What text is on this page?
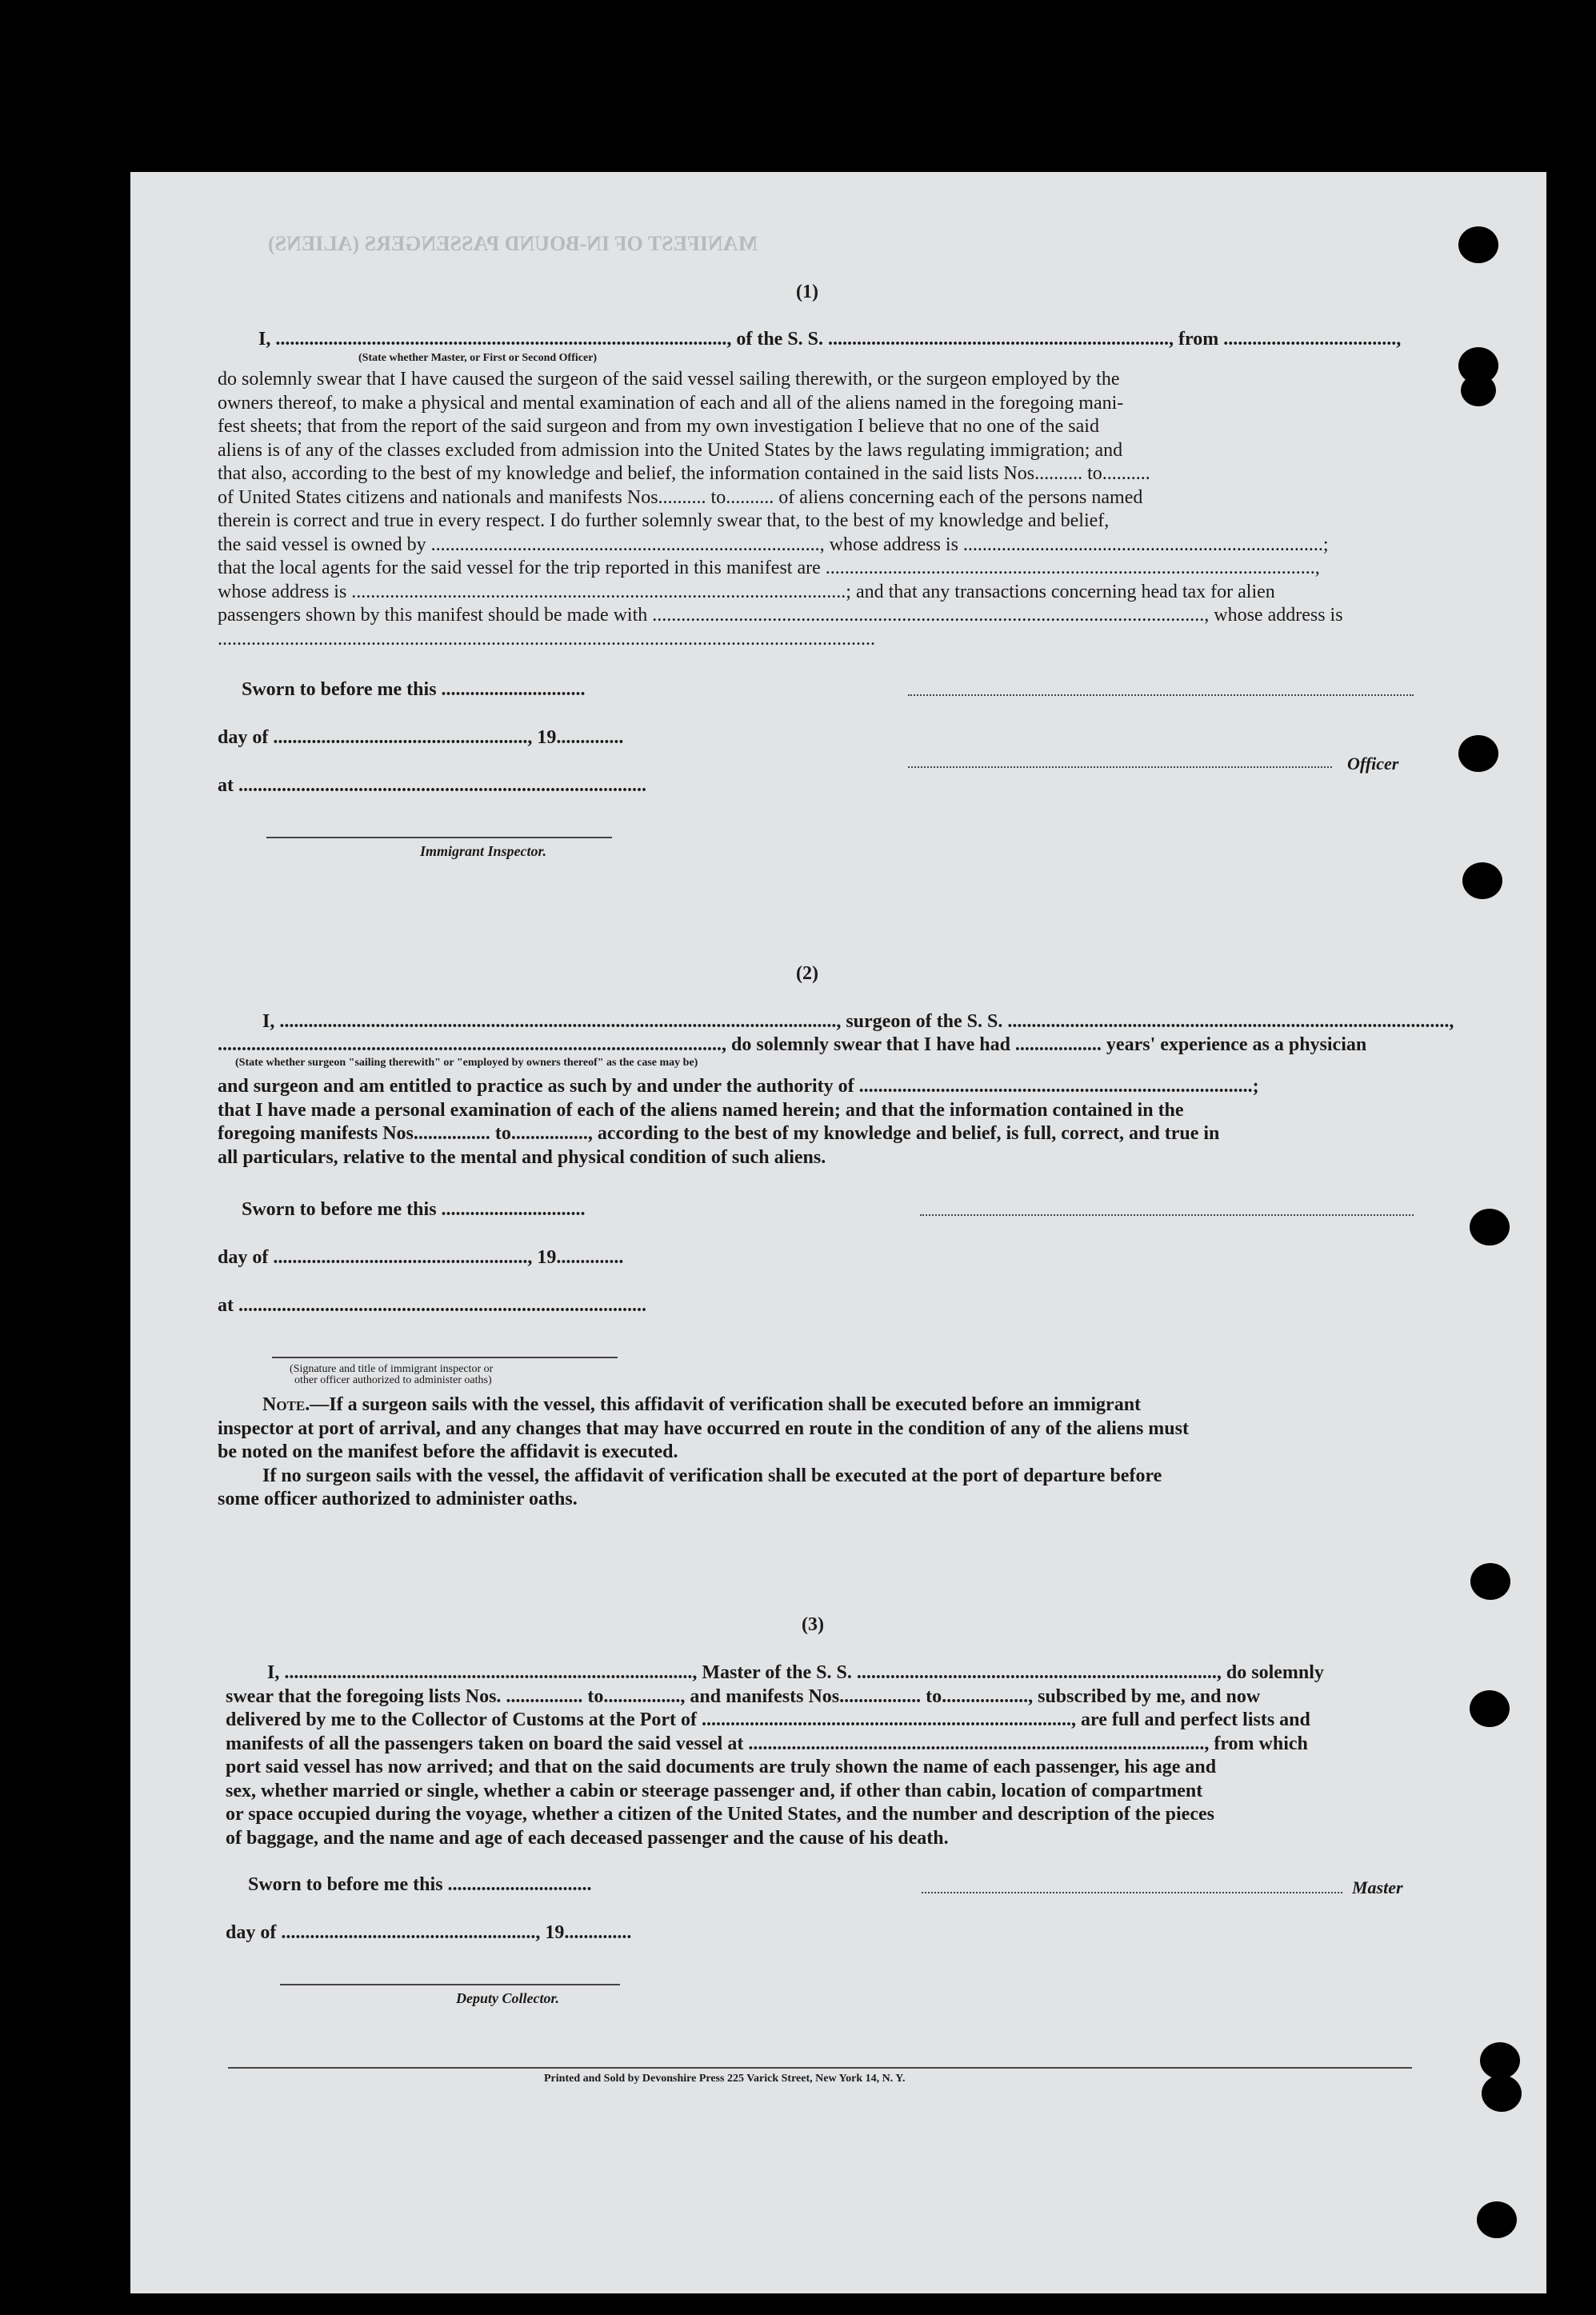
MANIFEST OF IN-BOUND PASSENGERS (ALIENS)
(1)
I, .............................................................................................., of the S. S. ......................................................................., from ....................................,
(State whether Master, or First or Second Officer)
do solemnly swear that I have caused the surgeon of the said vessel sailing therewith, or the surgeon employed by the
owners thereof, to make a physical and mental examination of each and all of the aliens named in the foregoing mani-
fest sheets; that from the report of the said surgeon and from my own investigation I believe that no one of the said
aliens is of any of the classes excluded from admission into the United States by the laws regulating immigration; and
that also, according to the best of my knowledge and belief, the information contained in the said lists Nos.......... to..........
of United States citizens and nationals and manifests Nos.......... to.......... of aliens concerning each of the persons named
therein is correct and true in every respect. I do further solemnly swear that, to the best of my knowledge and belief,
the said vessel is owned by ................................................................................., whose address is ...........................................................................;
that the local agents for the said vessel for the trip reported in this manifest are ......................................................................................................,
whose address is .......................................................................................................; and that any transactions concerning head tax for alien
passengers shown by this manifest should be made with ..................................................................................................................., whose address is
.........................................................................................................................................
Sworn to before me this ..............................
day of ....................................................., 19..............
at .....................................................................................
Officer
Immigrant Inspector.
(2)
I, ...................................................................................................................., surgeon of the S. S. ............................................................................................,
........................................................................................................., do solemnly swear that I have had .................. years' experience as a physician
(State whether surgeon "sailing therewith" or "employed by owners thereof" as the case may be)
and surgeon and am entitled to practice as such by and under the authority of ..................................................................................;
that I have made a personal examination of each of the aliens named herein; and that the information contained in the
foregoing manifests Nos................ to................, according to the best of my knowledge and belief, is full, correct, and true in
all particulars, relative to the mental and physical condition of such aliens.
Sworn to before me this ..............................
day of ....................................................., 19..............
at .....................................................................................
(Signature and title of immigrant inspector or
other officer authorized to administer oaths)
Note.—If a surgeon sails with the vessel, this affidavit of verification shall be executed before an immigrant
inspector at port of arrival, and any changes that may have occurred en route in the condition of any of the aliens must
be noted on the manifest before the affidavit is executed.
If no surgeon sails with the vessel, the affidavit of verification shall be executed at the port of departure before
some officer authorized to administer oaths.
(3)
I, ....................................................................................., Master of the S. S. ..........................................................................., do solemnly
swear that the foregoing lists Nos. ................ to................, and manifests Nos................. to.................., subscribed by me, and now
delivered by me to the Collector of Customs at the Port of ............................................................................., are full and perfect lists and
manifests of all the passengers taken on board the said vessel at ..............................................................................................., from which
port said vessel has now arrived; and that on the said documents are truly shown the name of each passenger, his age and
sex, whether married or single, whether a cabin or steerage passenger and, if other than cabin, location of compartment
or space occupied during the voyage, whether a citizen of the United States, and the number and description of the pieces
of baggage, and the name and age of each deceased passenger and the cause of his death.
Sworn to before me this ..............................
day of ....................................................., 19..............
Master
Deputy Collector.
Printed and Sold by Devonshire Press 225 Varick Street, New York 14, N. Y.
